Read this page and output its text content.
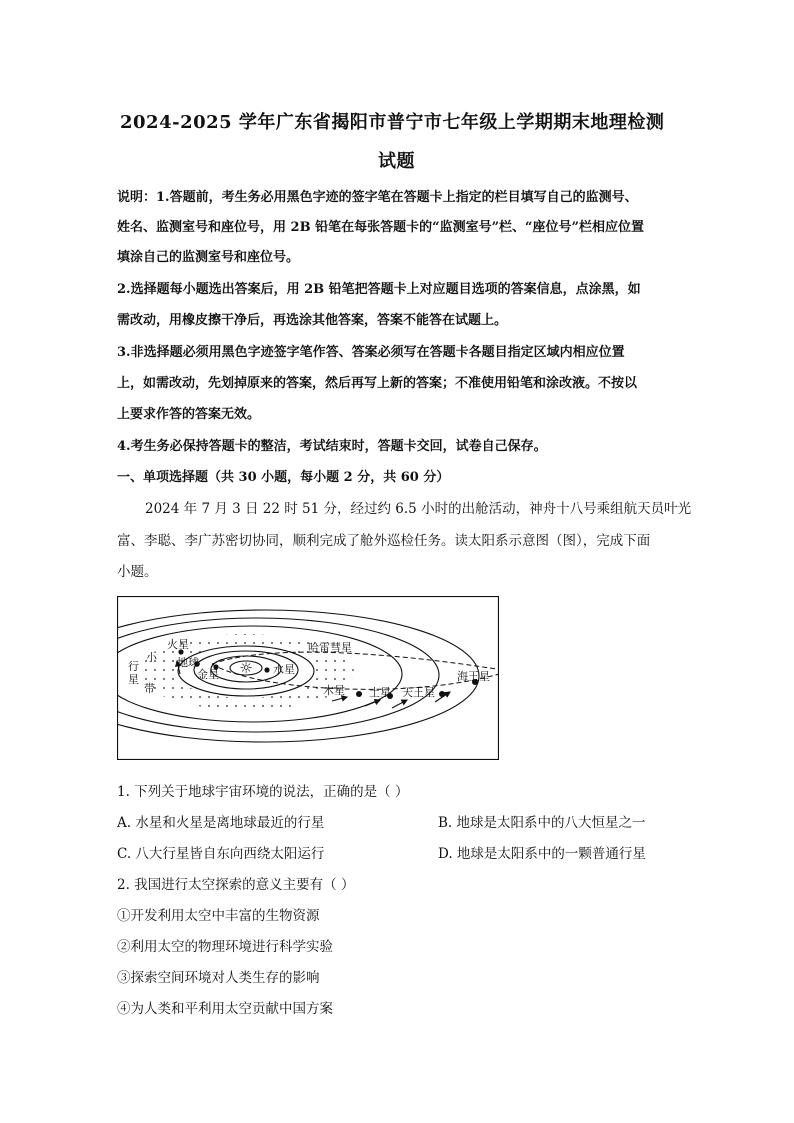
2024-2025 学年广东省揭阳市普宁市七年级上学期期末地理检测
试题
说明：1.答题前，考生务必用黑色字迹的签字笔在答题卡上指定的栏目填写自己的监测号、
姓名、监测室号和座位号，用 2B 铅笔在每张答题卡的“监测室号”栏、“座位号”栏相应位置
填涂自己的监测室号和座位号。
2.选择题每小题选出答案后，用 2B 铅笔把答题卡上对应题目选项的答案信息，点涂黑，如
需改动，用橡皮擦干净后，再选涂其他答案，答案不能答在试题上。
3.非选择题必须用黑色字迹签字笔作答、答案必须写在答题卡各题目指定区域内相应位置
上，如需改动，先划掉原来的答案，然后再写上新的答案；不准使用铅笔和涂改液。不按以
上要求作答的答案无效。
4.考生务必保持答题卡的整洁，考试结束时，答题卡交回，试卷自己保存。
一、单项选择题（共 30 小题，每小题 2 分，共 60 分）
2024 年 7 月 3 日 22 时 51 分，经过约 6.5 小时的出舱活动，神舟十八号乘组航天员叶光
富、李聪、李广苏密切协同，顺利完成了舱外巡检任务。读太阳系示意图（图），完成下面
小题。
☼ 水星
金星
地球
火星	哈雷彗星
木星 土星 天王星
海王星
小
行
星
带
1. 下列关于地球宇宙环境的说法，正确的是（ ）
A. 水星和火星是离地球最近的行星	B. 地球是太阳系中的八大恒星之一
C. 八大行星皆自东向西绕太阳运行	D. 地球是太阳系中的一颗普通行星
2. 我国进行太空探索的意义主要有（ ）
①开发利用太空中丰富的生物资源
②利用太空的物理环境进行科学实验
③探索空间环境对人类生存的影响
④为人类和平利用太空贡献中国方案
